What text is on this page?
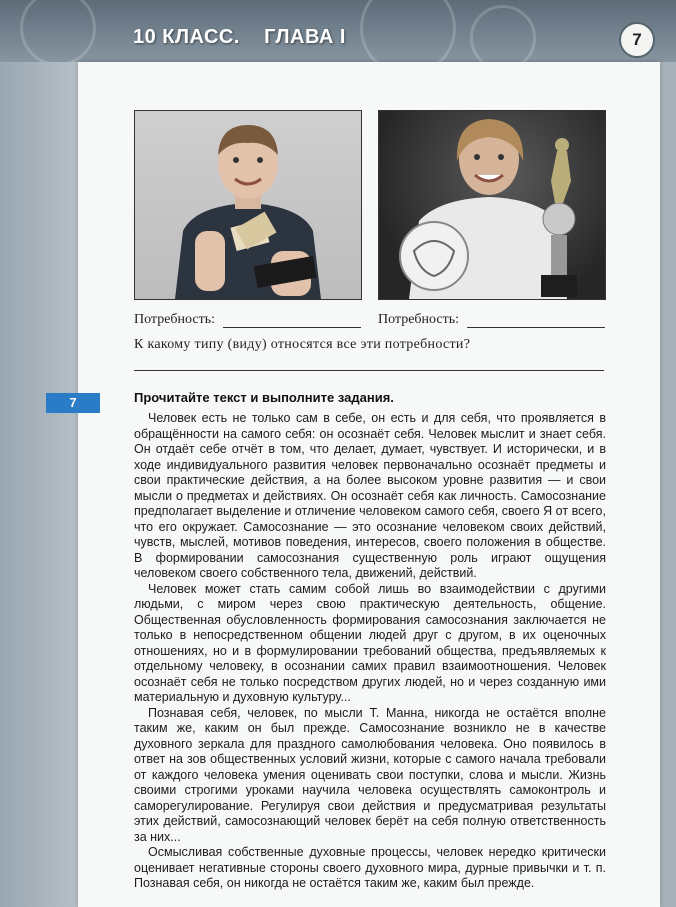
10 КЛАСС.    ГЛАВА I	7
Потребность:	Потребность:
К какому типу (виду) относятся все эти потребности?
7	Прочитайте текст и выполните задания.

Человек есть не только сам в себе, он есть и для себя, что проявляется в обращённости на самого себя: он осознаёт себя. Человек мыслит и знает себя. Он отдаёт себе отчёт в том, что делает, думает, чувствует. И исторически, и в ходе индивидуального развития человек первоначально осознаёт предметы и свои практические действия, а на более высоком уровне развития — и свои мысли о предметах и действиях. Он осознаёт себя как личность. Самосознание предполагает выделение и отличение человеком самого себя, своего Я от всего, что его окружает. Самосознание — это осознание человеком своих действий, чувств, мыслей, мотивов поведения, интересов, своего положения в обществе. В формировании самосознания существенную роль играют ощущения человеком своего собственного тела, движений, действий.

Человек может стать самим собой лишь во взаимодействии с другими людьми, с миром через свою практическую деятельность, общение. Общественная обусловленность формирования самосознания заключается не только в непосредственном общении людей друг с другом, в их оценочных отношениях, но и в формулировании требований общества, предъявляемых к отдельному человеку, в осознании самих правил взаимоотношения. Человек осознаёт себя не только посредством других людей, но и через созданную ими материальную и духовную культуру...

Познавая себя, человек, по мысли Т. Манна, никогда не остаётся вполне таким же, каким он был прежде. Самосознание возникло не в качестве духовного зеркала для праздного самолюбования человека. Оно появилось в ответ на зов общественных условий жизни, которые с самого начала требовали от каждого человека умения оценивать свои поступки, слова и мысли. Жизнь своими строгими уроками научила человека осуществлять самоконтроль и саморегулирование. Регулируя свои действия и предусматривая результаты этих действий, самосознающий человек берёт на себя полную ответственность за них...

Осмысливая собственные духовные процессы, человек нередко критически оценивает негативные стороны своего духовного мира, дурные привычки и т. п. Познавая себя, он никогда не остаётся таким же, каким был прежде.
